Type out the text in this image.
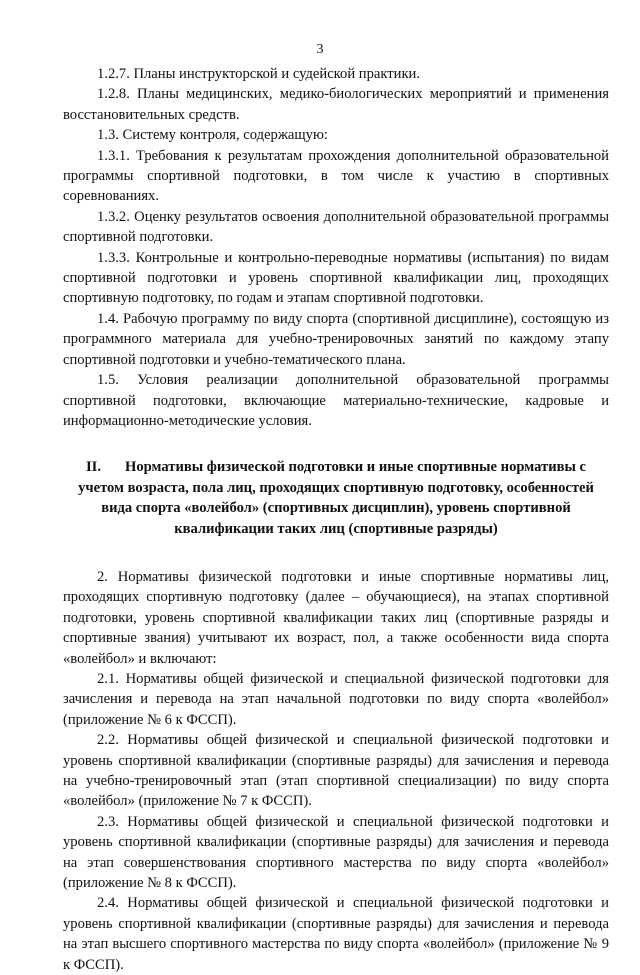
3

1.2.7. Планы инструкторской и судейской практики.

1.2.8. Планы медицинских, медико-биологических мероприятий и применения восстановительных средств.

1.3. Систему контроля, содержащую:

1.3.1. Требования к результатам прохождения дополнительной образовательной программы спортивной подготовки, в том числе к участию в спортивных соревнованиях.

1.3.2. Оценку результатов освоения дополнительной образовательной программы спортивной подготовки.

1.3.3. Контрольные и контрольно-переводные нормативы (испытания) по видам спортивной подготовки и уровень спортивной квалификации лиц, проходящих спортивную подготовку, по годам и этапам спортивной подготовки.

1.4. Рабочую программу по виду спорта (спортивной дисциплине), состоящую из программного материала для учебно-тренировочных занятий по каждому этапу спортивной подготовки и учебно-тематического плана.

1.5. Условия реализации дополнительной образовательной программы спортивной подготовки, включающие материально-технические, кадровые и информационно-методические условия.

II. Нормативы физической подготовки и иные спортивные нормативы с учетом возраста, пола лиц, проходящих спортивную подготовку, особенностей вида спорта «волейбол» (спортивных дисциплин), уровень спортивной квалификации таких лиц (спортивные разряды)

2. Нормативы физической подготовки и иные спортивные нормативы лиц, проходящих спортивную подготовку (далее – обучающиеся), на этапах спортивной подготовки, уровень спортивной квалификации таких лиц (спортивные разряды и спортивные звания) учитывают их возраст, пол, а также особенности вида спорта «волейбол» и включают:

2.1. Нормативы общей физической и специальной физической подготовки для зачисления и перевода на этап начальной подготовки по виду спорта «волейбол» (приложение № 6 к ФССП).

2.2. Нормативы общей физической и специальной физической подготовки и уровень спортивной квалификации (спортивные разряды) для зачисления и перевода на учебно-тренировочный этап (этап спортивной специализации) по виду спорта «волейбол» (приложение № 7 к ФССП).

2.3. Нормативы общей физической и специальной физической подготовки и уровень спортивной квалификации (спортивные разряды) для зачисления и перевода на этап совершенствования спортивного мастерства по виду спорта «волейбол» (приложение № 8 к ФССП).

2.4. Нормативы общей физической и специальной физической подготовки и уровень спортивной квалификации (спортивные разряды) для зачисления и перевода на этап высшего спортивного мастерства по виду спорта «волейбол» (приложение № 9 к ФССП).
